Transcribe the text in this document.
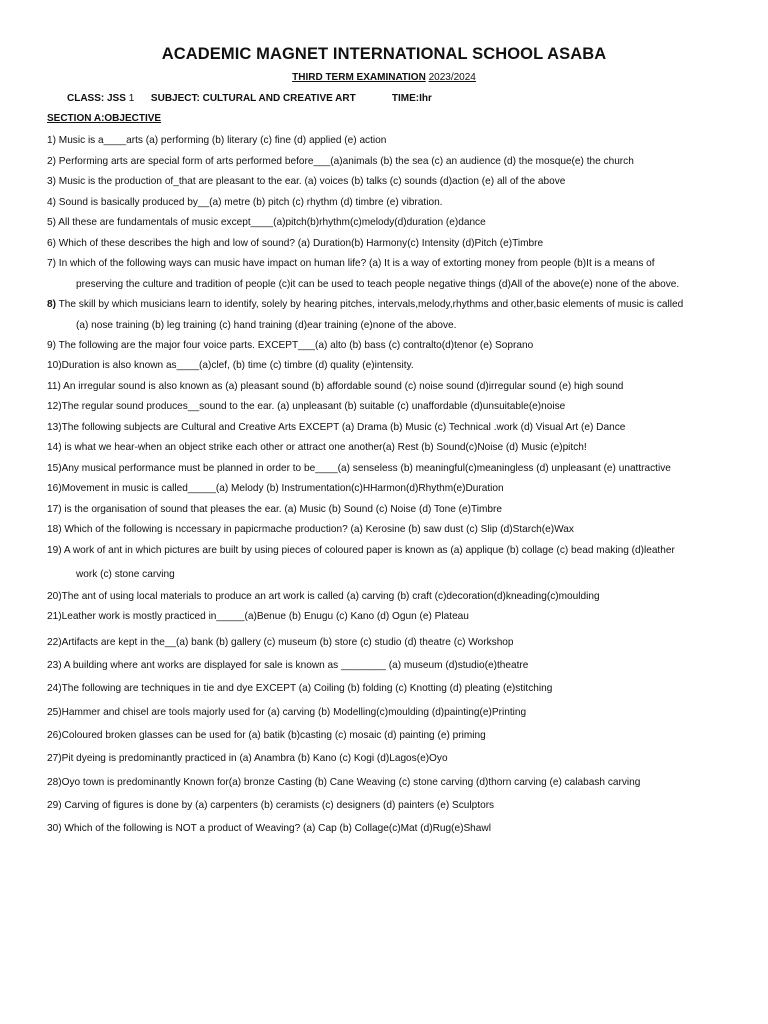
ACADEMIC MAGNET INTERNATIONAL SCHOOL ASABA
THIRD TERM EXAMINATION 2023/2024
CLASS: JSS 1 SUBJECT: CULTURAL AND CREATIVE ART	TIME:Ihr
SECTION A:OBJECTIVE
1) Music is a____arts (a) performing (b) literary (c) fine (d) applied (e) action
2) Performing arts are special form of arts performed before___(a)animals (b) the sea (c) an audience (d) the mosque(e) the church
3) Music is the production of_that are pleasant to the ear. (a) voices (b) talks (c) sounds (d)action (e) all of the above
4) Sound is basically produced by__(a) metre (b) pitch (c) rhythm (d) timbre (e) vibration.
5) All these are fundamentals of music except____(a)pitch(b)rhythm(c)melody(d)duration (e)dance
6) Which of these describes the high and low of sound? (a) Duration(b) Harmony(c) Intensity (d)Pitch (e)Timbre
7) In which of the following ways can music have impact on human life? (a) It is a way of extorting money from people (b)It is a means of
preserving the culture and tradition of people (c)it can be used to teach people negative things (d)All of the above(e) none of the above.
8) The skill by which musicians learn to identify, solely by hearing pitches, intervals,melody,rhythms and other,basic elements of music is called
(a) nose training (b) leg training (c) hand training (d)ear training (e)none of the above.
9) The following are the major four voice parts. EXCEPT___(a) alto (b) bass (c) contralto(d)tenor (e) Soprano
10)Duration is also known as____(a)clef, (b) time (c) timbre (d) quality (e)intensity.
11) An irregular sound is also known as (a) pleasant sound (b) affordable sound (c) noise sound (d)irregular sound (e) high sound
12)The regular sound produces__sound to the ear. (a) unpleasant (b) suitable (c) unaffordable (d)unsuitable(e)noise
13)The following subjects are Cultural and Creative Arts EXCEPT (a) Drama (b) Music (c) Technical .work (d) Visual Art (e) Dance
14) is what we hear-when an object strike each other or attract one another(a) Rest (b) Sound(c)Noise (d) Music (e)pitch!
15)Any musical performance must be planned in order to be____(a) senseless (b) meaningful(c)meaningless (d) unpleasant (e) unattractive
16)Movement in music is called_____(a) Melody (b) Instrumentation(c)HHarmon(d)Rhythm(e)Duration
17) is the organisation of sound that pleases the ear. (a) Music (b) Sound (c) Noise (d) Tone (e)Timbre
18) Which of the following is nccessary in papicrmache production? (a) Kerosine (b) saw dust (c) Slip (d)Starch(e)Wax
19) A work of ant in which pictures are built by using pieces of coloured paper is known as (a) applique (b) collage (c) bead making (d)leather
work (c) stone carving
20)The ant of using local materials to produce an art work is called (a) carving (b) craft (c)decoration(d)kneading(c)moulding
21)Leather work is mostly practiced in_____(a)Benue (b) Enugu (c) Kano (d) Ogun (e) Plateau
22)Artifacts are kept in the__(a) bank (b) gallery (c) museum (b) store (c) studio (d) theatre (c) Workshop
23) A building where ant works are displayed for sale is known as ________ (a) museum (d)studio(e)theatre
24)The following are techniques in tie and dye EXCEPT (a) Coiling (b) folding (c) Knotting (d) pleating (e)stitching
25)Hammer and chisel are tools majorly used for (a) carving (b) Modelling(c)moulding (d)painting(e)Printing
26)Coloured broken glasses can be used for (a) batik (b)casting (c) mosaic (d) painting (e) priming
27)Pit dyeing is predominantly practiced in (a) Anambra (b) Kano (c) Kogi (d)Lagos(e)Oyo
28)Oyo town is predominantly Known for(a) bronze Casting (b) Cane Weaving (c) stone carving (d)thorn carving (e) calabash carving
29) Carving of figures is done by (a) carpenters (b) ceramists (c) designers (d) painters (e) Sculptors
30) Which of the following is NOT a product of Weaving? (a) Cap (b) Collage(c)Mat (d)Rug(e)Shawl
